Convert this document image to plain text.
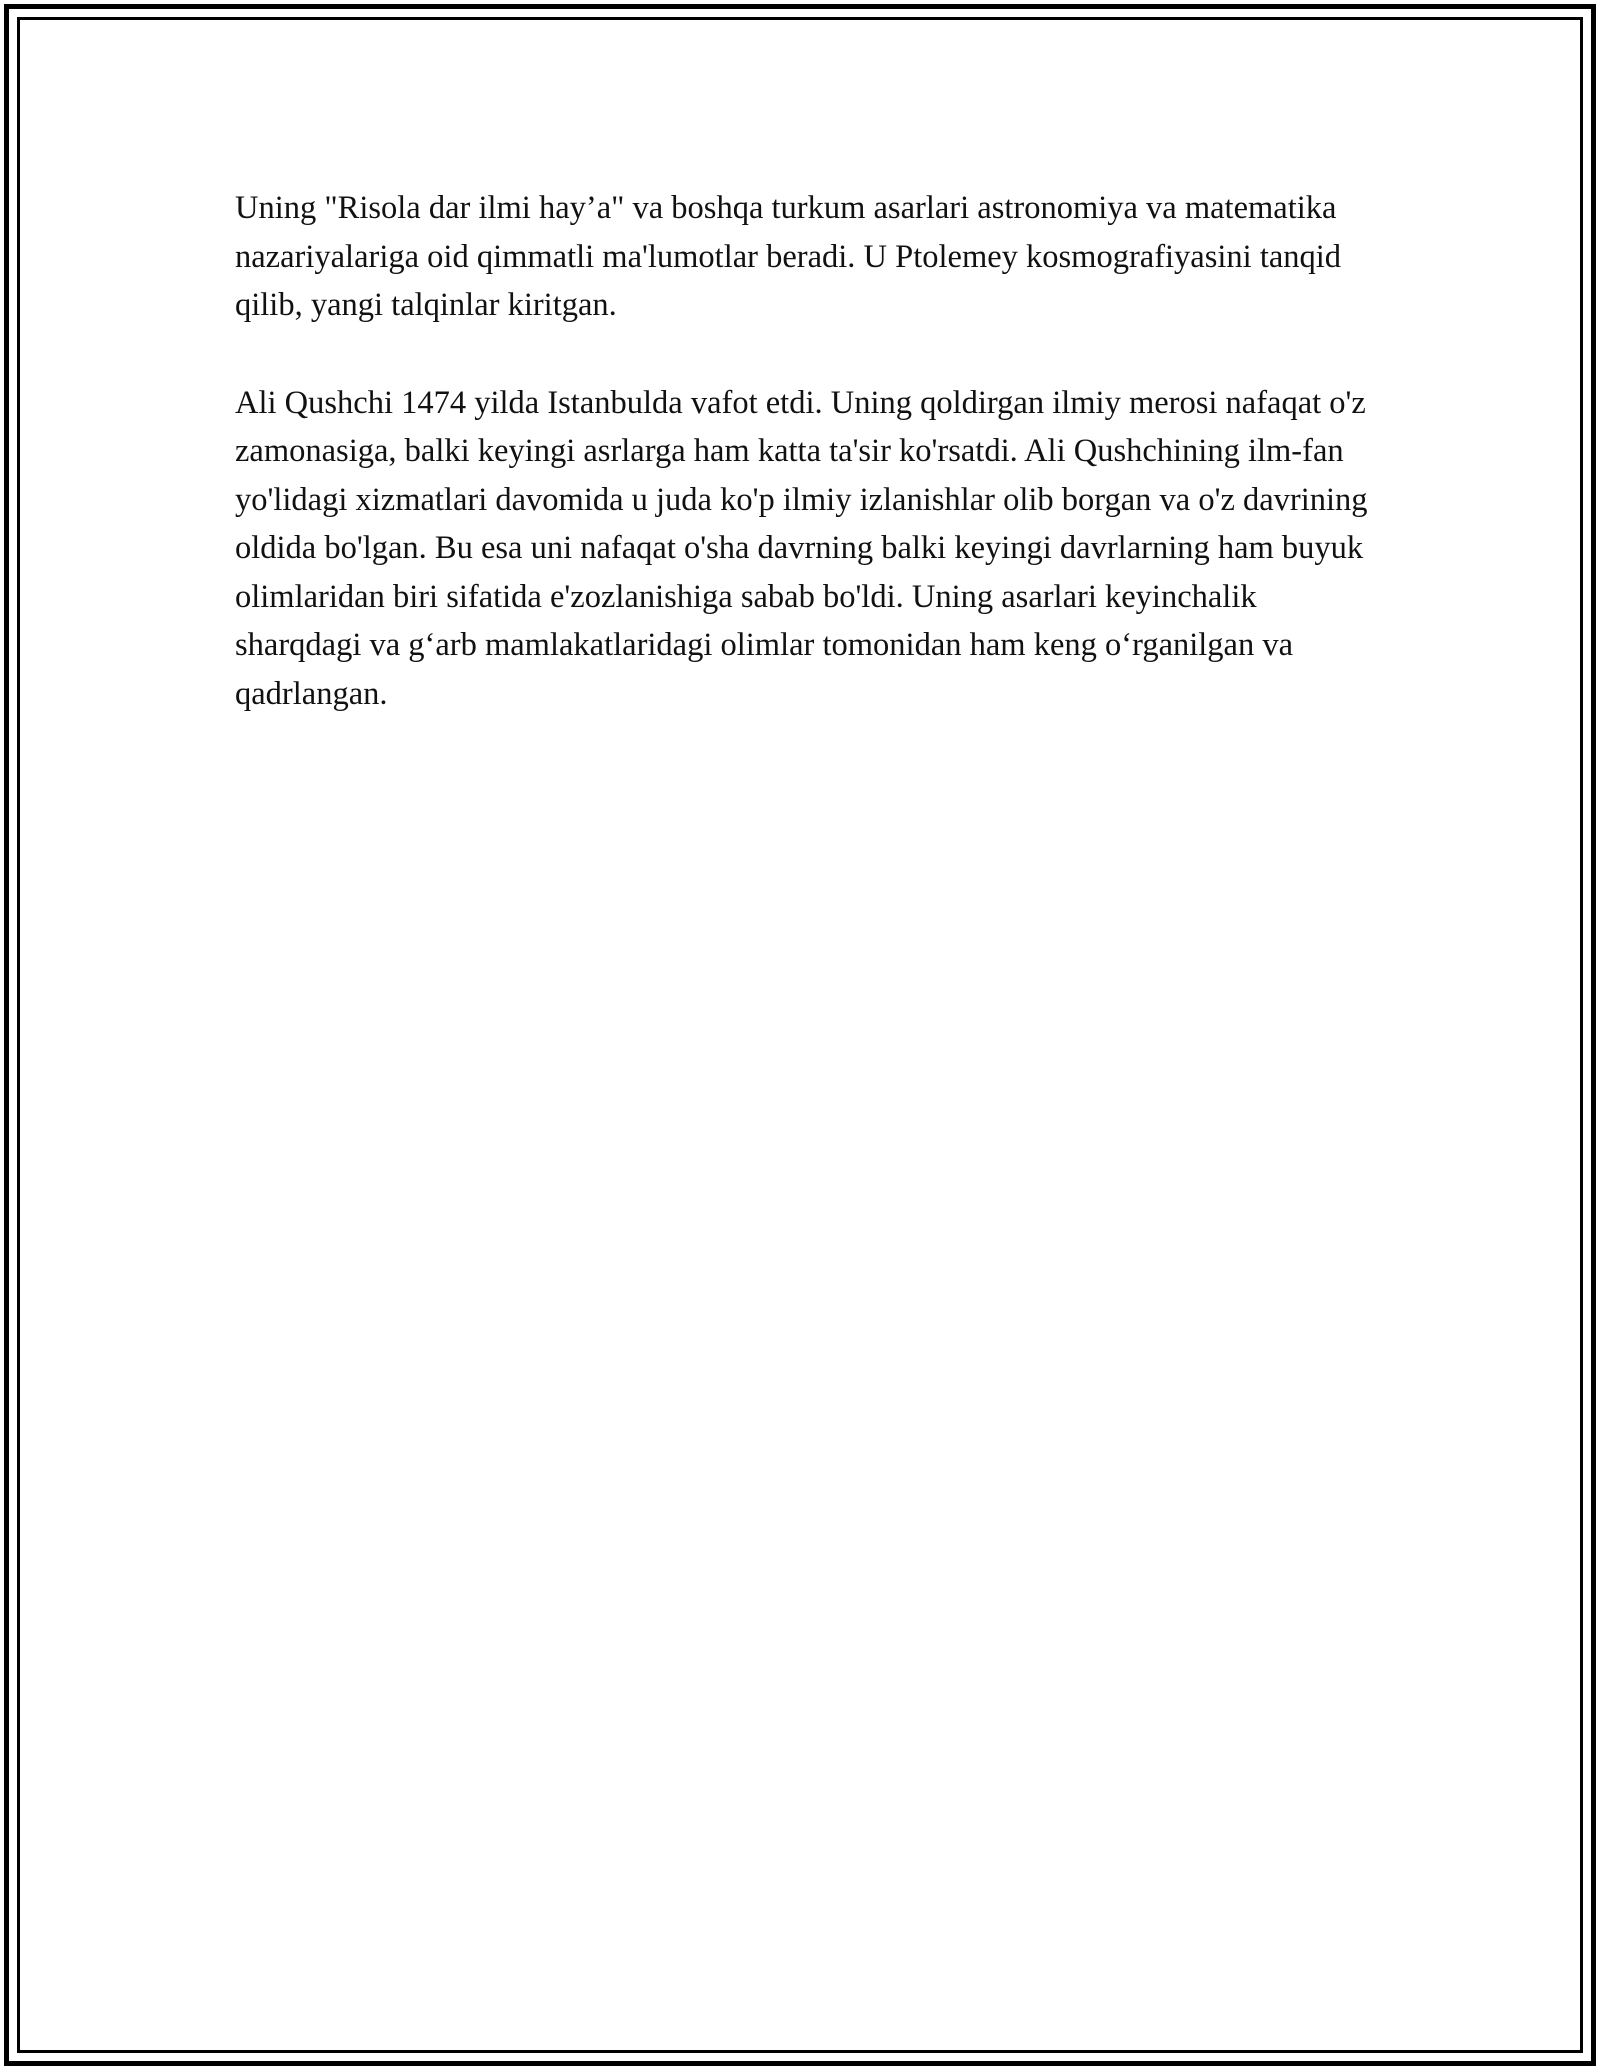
Uning "Risola dar ilmi hay’a" va boshqa turkum asarlari astronomiya va matematika nazariyalariga oid qimmatli ma'lumotlar beradi. U Ptolemey kosmografiyasini tanqid qilib, yangi talqinlar kiritgan.

Ali Qushchi 1474 yilda Istanbulda vafot etdi. Uning qoldirgan ilmiy merosi nafaqat o'z zamonasiga, balki keyingi asrlarga ham katta ta'sir ko'rsatdi. Ali Qushchining ilm-fan yo'lidagi xizmatlari davomida u juda ko'p ilmiy izlanishlar olib borgan va o'z davrining oldida bo'lgan. Bu esa uni nafaqat o'sha davrning balki keyingi davrlarning ham buyuk olimlaridan biri sifatida e'zozlanishiga sabab bo'ldi. Uning asarlari keyinchalik sharqdagi va g‘arb mamlakatlaridagi olimlar tomonidan ham keng o‘rganilgan va qadrlangan.
